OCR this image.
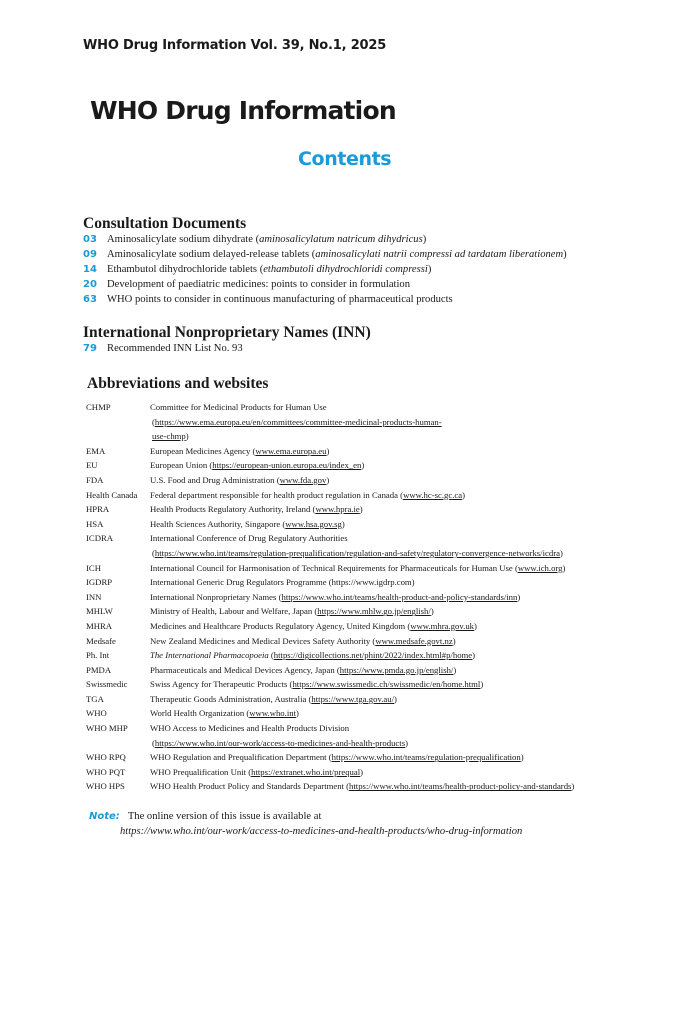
WHO Drug Information Vol. 39, No.1, 2025
WHO Drug Information
Contents
Consultation Documents
03 Aminosalicylate sodium dihydrate (aminosalicylatum natricum dihydricus)
09 Aminosalicylate sodium delayed-release tablets (aminosalicylati natrii compressi ad tardatam liberationem)
14 Ethambutol dihydrochloride tablets (ethambutoli dihydrochloridi compressi)
20 Development of paediatric medicines: points to consider in formulation
63 WHO points to consider in continuous manufacturing of pharmaceutical products
International Nonproprietary Names (INN)
79 Recommended INN List No. 93
Abbreviations and websites
CHMP	Committee for Medicinal Products for Human Use
(https://www.ema.europa.eu/en/committees/committee-medicinal-products-human-
use-chmp)
EMA	European Medicines Agency (www.ema.europa.eu)
EU	European Union (https://european-union.europa.eu/index_en)
FDA	U.S. Food and Drug Administration (www.fda.gov)
Health Canada	Federal department responsible for health product regulation in Canada (www.hc-sc.gc.ca)
HPRA	Health Products Regulatory Authority, Ireland (www.hpra.ie)
HSA	Health Sciences Authority, Singapore (www.hsa.gov.sg)
ICDRA	International Conference of Drug Regulatory Authorities
(https://www.who.int/teams/regulation-prequalification/regulation-and-safety/regulatory-convergence-networks/icdra)
ICH	International Council for Harmonisation of Technical Requirements for Pharmaceuticals for Human Use (www.ich.org)
IGDRP	International Generic Drug Regulators Programme (https://www.igdrp.com)
INN	International Nonproprietary Names (https://www.who.int/teams/health-product-and-policy-standards/inn)
MHLW	Ministry of Health, Labour and Welfare, Japan (https://www.mhlw.go.jp/english/)
MHRA	Medicines and Healthcare Products Regulatory Agency, United Kingdom (www.mhra.gov.uk)
Medsafe	New Zealand Medicines and Medical Devices Safety Authority (www.medsafe.govt.nz)
Ph. Int	The International Pharmacopoeia (https://digicollections.net/phint/2022/index.html#p/home)
PMDA	Pharmaceuticals and Medical Devices Agency, Japan (https://www.pmda.go.jp/english/)
Swissmedic	Swiss Agency for Therapeutic Products (https://www.swissmedic.ch/swissmedic/en/home.html)
TGA	Therapeutic Goods Administration, Australia (https://www.tga.gov.au/)
WHO	World Health Organization (www.who.int)
WHO MHP	WHO Access to Medicines and Health Products Division
(https://www.who.int/our-work/access-to-medicines-and-health-products)
WHO RPQ	WHO Regulation and Prequalification Department (https://www.who.int/teams/regulation-prequalification)
WHO PQT	WHO Prequalification Unit (https://extranet.who.int/prequal)
WHO HPS	WHO Health Product Policy and Standards Department (https://www.who.int/teams/health-product-policy-and-standards)
Note: The online version of this issue is available at
https://www.who.int/our-work/access-to-medicines-and-health-products/who-drug-information
